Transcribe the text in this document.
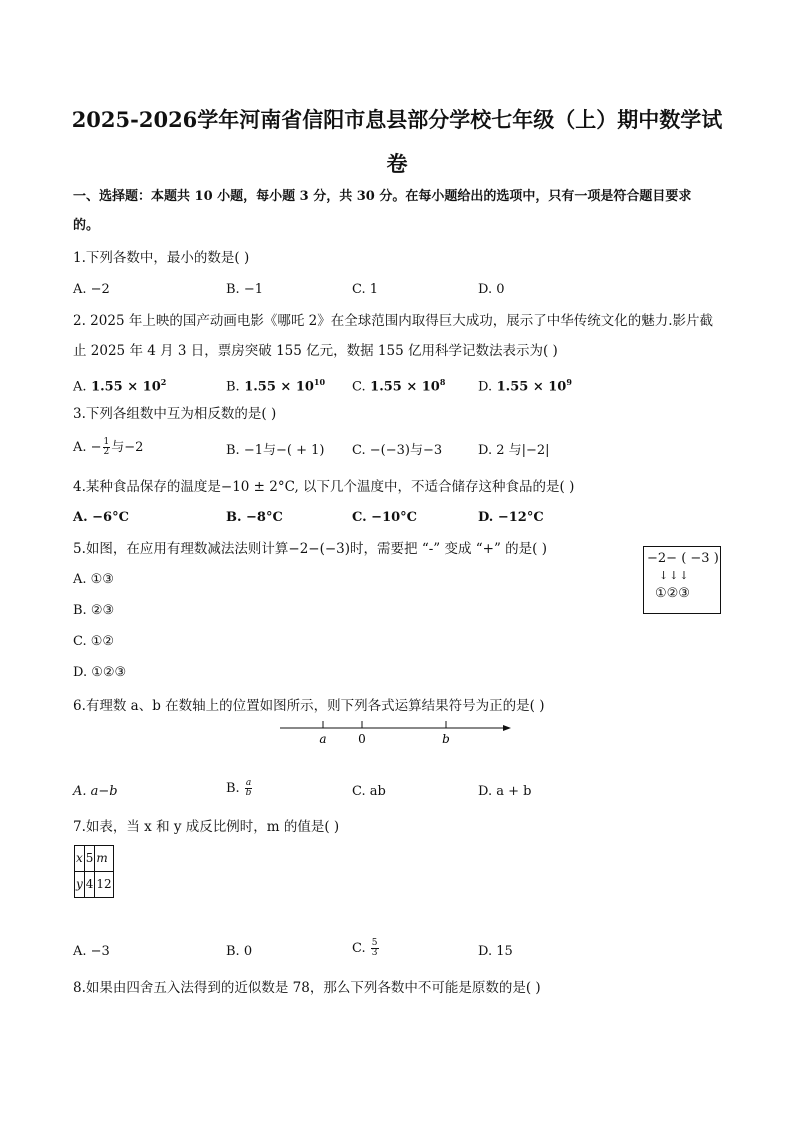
2025-2026学年河南省信阳市息县部分学校七年级（上）期中数学试
卷
一、选择题：本题共 10 小题，每小题 3 分，共 30 分。在每小题给出的选项中，只有一项是符合题目要求
的。
1.下列各数中，最小的数是( )
A. −2	B. −1	C. 1	D. 0
2. 2025 年上映的国产动画电影《哪吒 2》在全球范围内取得巨大成功，展示了中华传统文化的魅力.影片截
止 2025 年 4 月 3 日，票房突破 155 亿元，数据 155 亿用科学记数法表示为( )
A. $1.55 \times 10^2$	B. $1.55 \times 10^{10}$ C. $1.55 \times 10^8$	D. $1.55 \times 10^9$
3.下列各组数中互为相反数的是( )
A. − $\frac{1}{2}$ 与−2	B. −1与−( + 1) C. −(−3)与−3	D. 2 与|−2|
4.某种食品保存的温度是−10 ± 2°C, 以下几个温度中，不适合储存这种食品的是( )
A. −6°C	B. −8°C	C. −10°C	D. −12°C
5.如图，在应用有理数减法法则计算−2−(−3)时，需要把 “-” 变成 “+” 的是( )
A. ①③
B. ②③
C. ①②
D. ①②③
−2− ( −3 )
↓↓↓
①②③
6.有理数 a、b 在数轴上的位置如图所示，则下列各式运算结果符号为正的是( )
a	0	b
A. a−b	B. $\frac{a}{b}$	C. ab	D. a + b
7.如表，当 x 和 y 成反比例时，m 的值是( )
x	5	m
y	4	12
A. −3	B. 0	C. $\frac{5}{3}$	D. 15
8.如果由四舍五入法得到的近似数是 78，那么下列各数中不可能是原数的是( )
